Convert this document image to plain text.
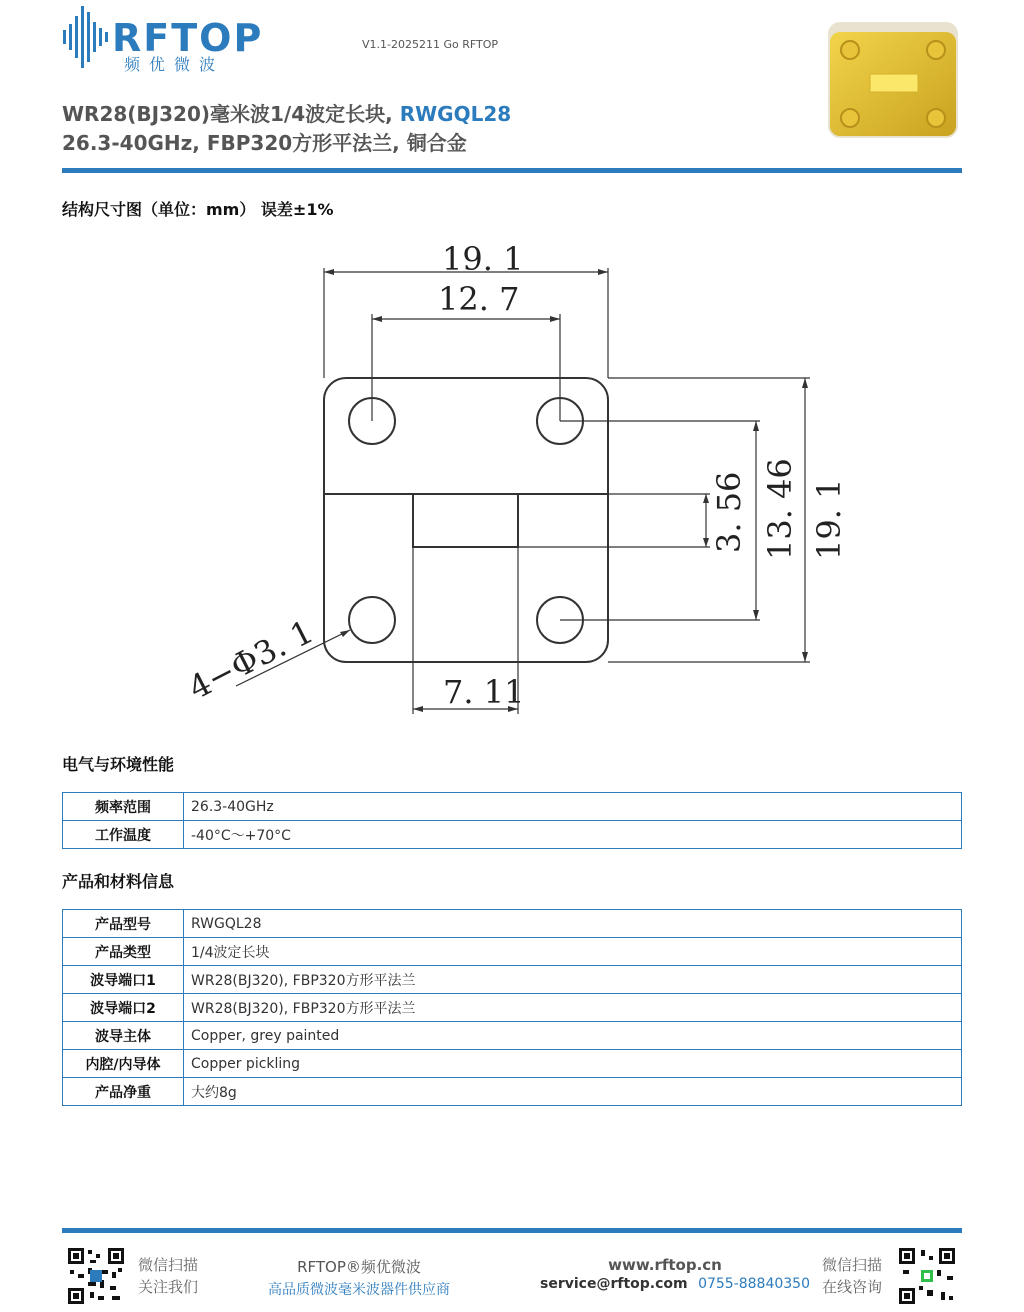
RFTOP
频优微波
V1.1-2025211 Go RFTOP
WR28(BJ320)毫米波1/4波定长块, RWGQL28
26.3-40GHz, FBP320方形平法兰, 铜合金
结构尺寸图（单位：mm） 误差±1%
19. 1
12. 7
7. 11
3. 56 13. 46 19. 1
4−Φ3. 1
电气与环境性能
频率范围	26.3-40GHz
工作温度	-40°C～+70°C
产品和材料信息
产品型号	RWGQL28
产品类型	1/4波定长块
波导端口1	WR28(BJ320), FBP320方形平法兰
波导端口2	WR28(BJ320), FBP320方形平法兰
波导主体	Copper, grey painted
内腔/内导体	Copper pickling
产品净重	大约8g
微信扫描
关注我们
RFTOP®频优微波
高品质微波毫米波器件供应商
www.rftop.cn
service@rftop.com 0755-88840350
微信扫描
在线咨询
